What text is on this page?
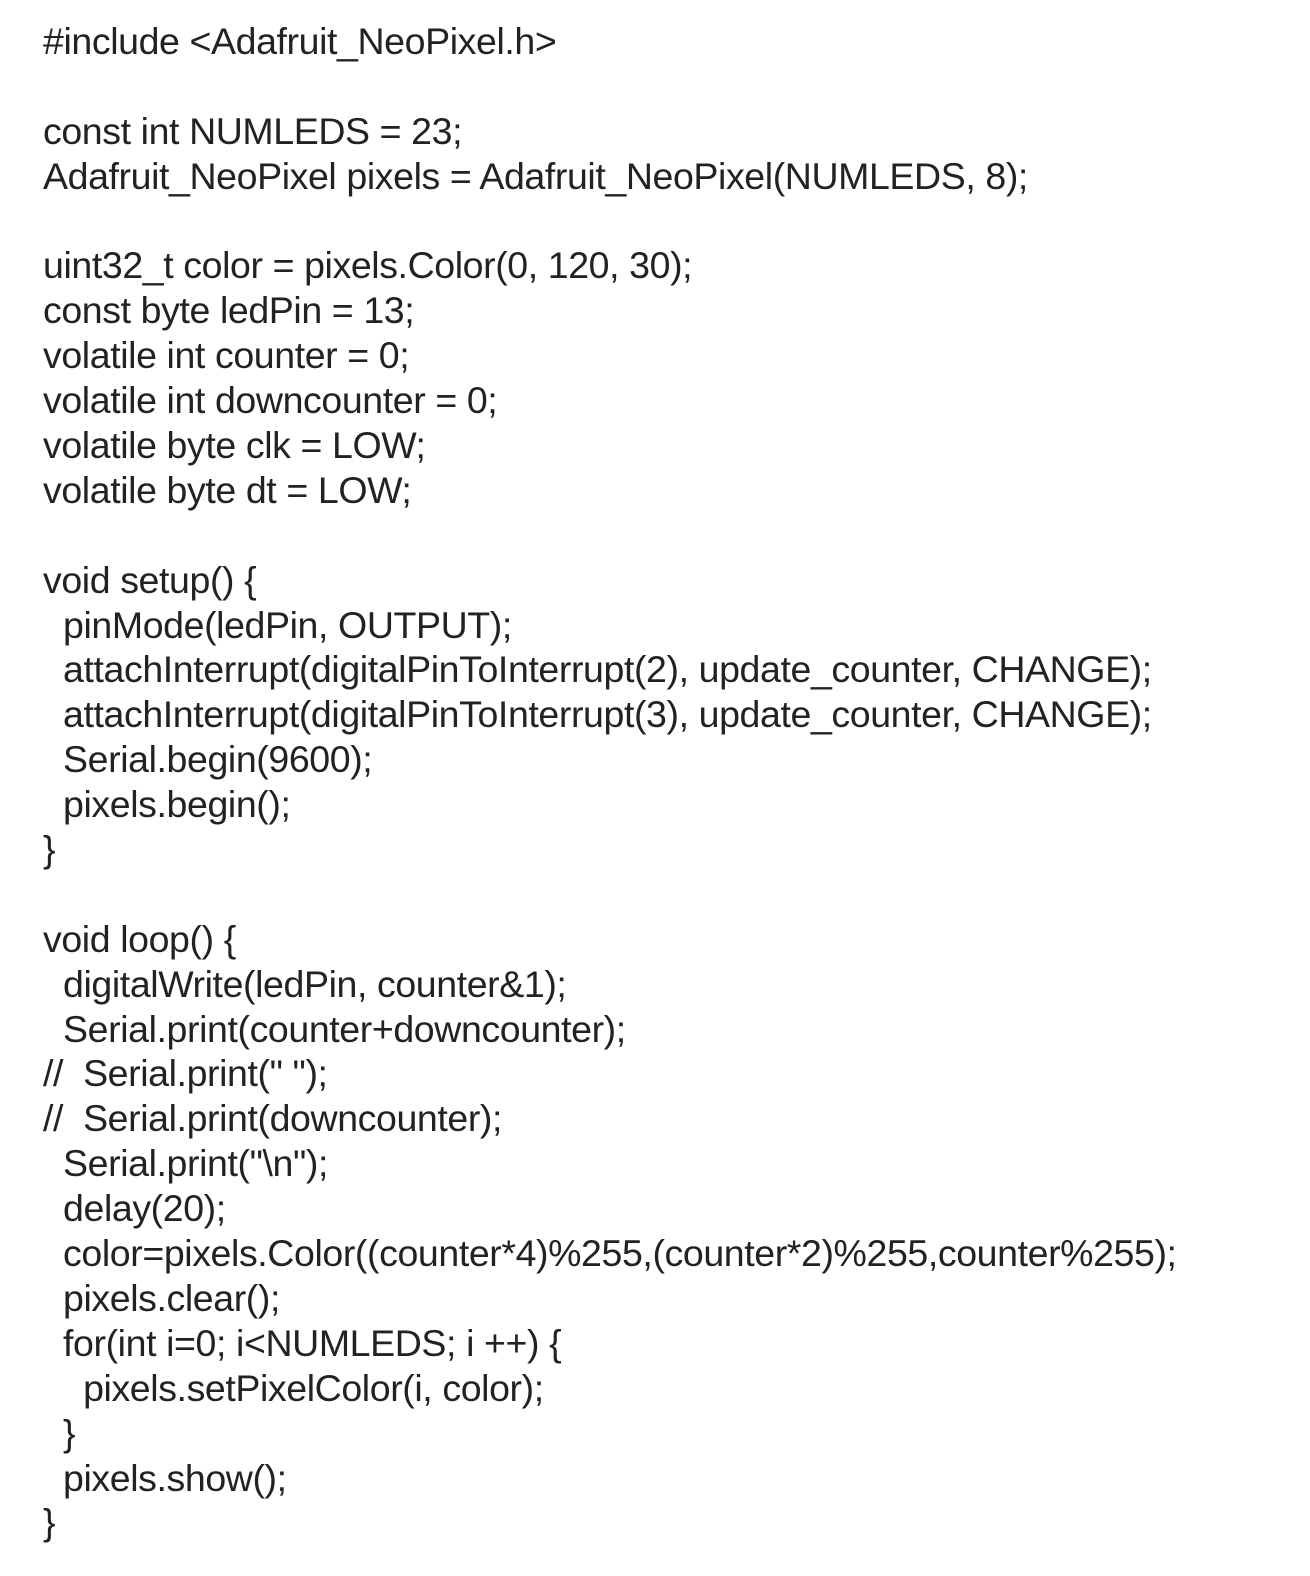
#include <Adafruit_NeoPixel.h>
const int NUMLEDS = 23;
Adafruit_NeoPixel pixels = Adafruit_NeoPixel(NUMLEDS, 8);
uint32_t color = pixels.Color(0, 120, 30);
const byte ledPin = 13;
volatile int counter = 0;
volatile int downcounter = 0;
volatile byte clk = LOW;
volatile byte dt = LOW;
void setup() {
pinMode(ledPin, OUTPUT);
attachInterrupt(digitalPinToInterrupt(2), update_counter, CHANGE);
attachInterrupt(digitalPinToInterrupt(3), update_counter, CHANGE);
Serial.begin(9600);
pixels.begin();
}
void loop() {
digitalWrite(ledPin, counter&1);
Serial.print(counter+downcounter);
//  Serial.print(" ");
//  Serial.print(downcounter);
Serial.print("\n");
delay(20);
color=pixels.Color((counter*4)%255,(counter*2)%255,counter%255);
pixels.clear();
for(int i=0; i<NUMLEDS; i ++) {
pixels.setPixelColor(i, color);
}
pixels.show();
}
